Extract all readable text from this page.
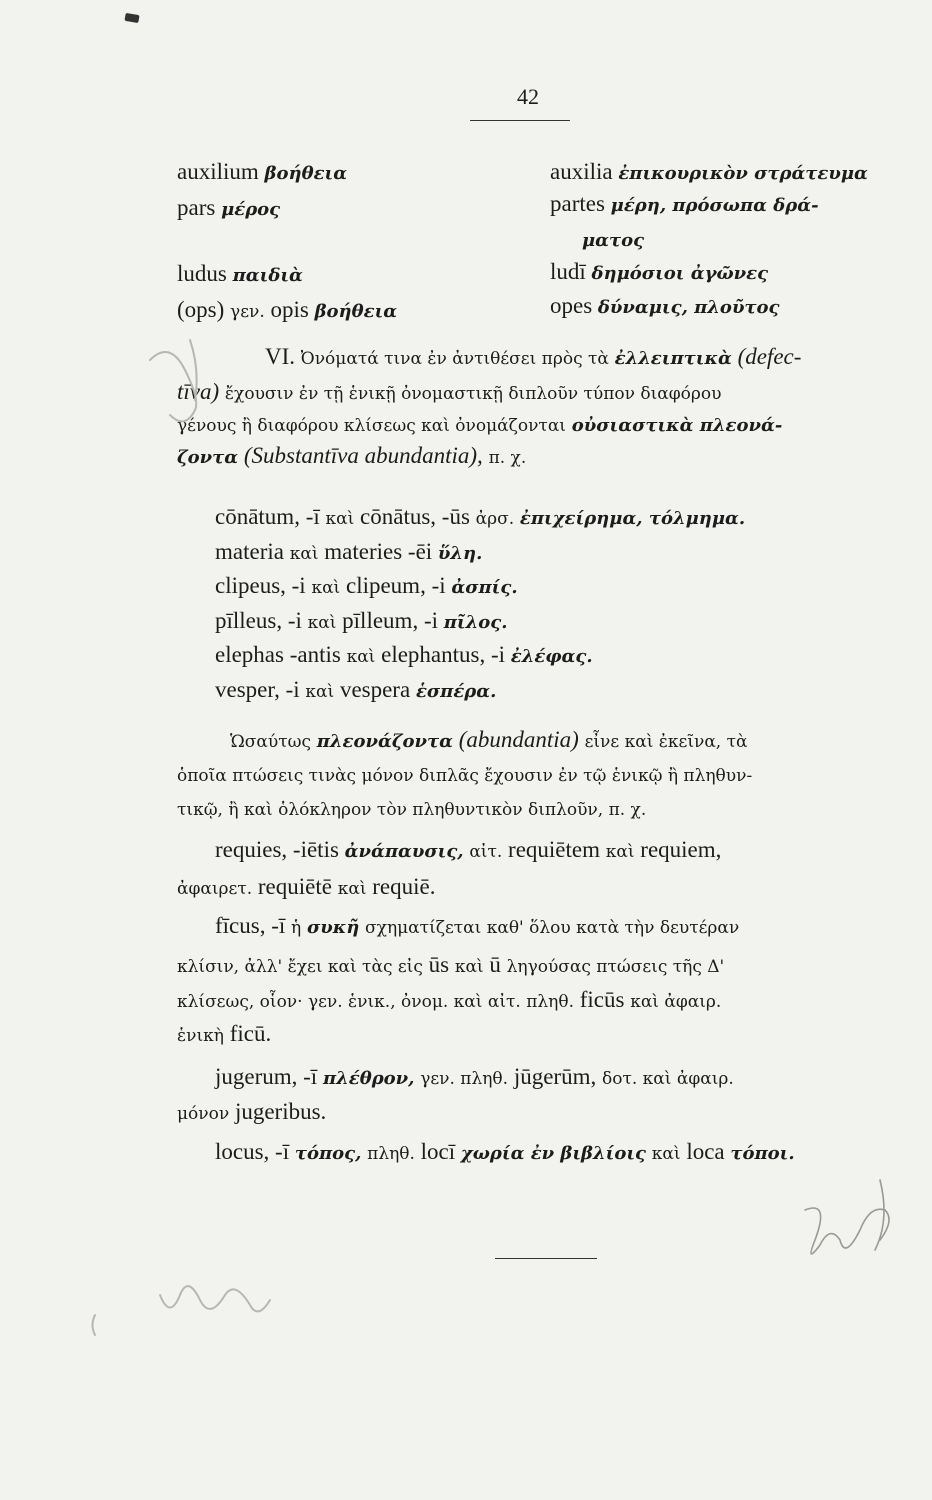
42
auxilium βοήθεια	auxilia ἐπικουρικὸν στράτευμα
pars μέρος	partes μέρη, πρόσωπα δρά-
ματος
ludus παιδιὰ	ludī δημόσιοι ἀγῶνες
(ops) γεν. opis βοήθεια	opes δύναμις, πλοῦτος
VI. Ὀνόματά τινα ἐν ἀντιθέσει πρὸς τὰ ἐλλειπτικὰ (defec-
tīva) ἔχουσιν ἐν τῇ ἑνικῇ ὀνομαστικῇ διπλοῦν τύπον διαφόρου
γένους ἢ διαφόρου κλίσεως καὶ ὀνομάζονται οὐσιαστικὰ πλεονά-
ζοντα (Substantīva abundantia), π. χ.
cōnātum, -ī καὶ cōnātus, -ūs ἀρσ. ἐπιχείρημα, τόλμημα.
materia καὶ materies -ēi ὕλη.
clipeus, -i καὶ clipeum, -i ἀσπίς.
pīlleus, -i καὶ pīlleum, -i πῖλος.
elephas -antis καὶ elephantus, -i ἐλέφας.
vesper, -i καὶ vespera ἑσπέρα.
Ὡσαύτως πλεονάζοντα (abundantia) εἶνε καὶ ἐκεῖνα, τὰ
ὁποῖα πτώσεις τινὰς μόνον διπλᾶς ἔχουσιν ἐν τῷ ἑνικῷ ἢ πληθυν-
τικῷ, ἢ καὶ ὁλόκληρον τὸν πληθυντικὸν διπλοῦν, π. χ.
requies, -iētis ἀνάπαυσις, αἰτ. requiētem καὶ requiem,
ἀφαιρετ. requiētē καὶ requiē.
fīcus, -ī ἡ συκῆ σχηματίζεται καθ' ὅλου κατὰ τὴν δευτέραν
κλίσιν, ἀλλ' ἔχει καὶ τὰς εἰς ūs καὶ ū ληγούσας πτώσεις τῆς Δ'
κλίσεως, οἷον· γεν. ἑνικ., ὀνομ. καὶ αἰτ. πληθ. ficūs καὶ ἀφαιρ.
ἑνικὴ ficū.
jugerum, -ī πλέθρον, γεν. πληθ. jūgerūm, δοτ. καὶ ἀφαιρ.
μόνον jugeribus.
locus, -ī τόπος, πληθ. locī χωρία ἐν βιβλίοις καὶ loca τόποι.
